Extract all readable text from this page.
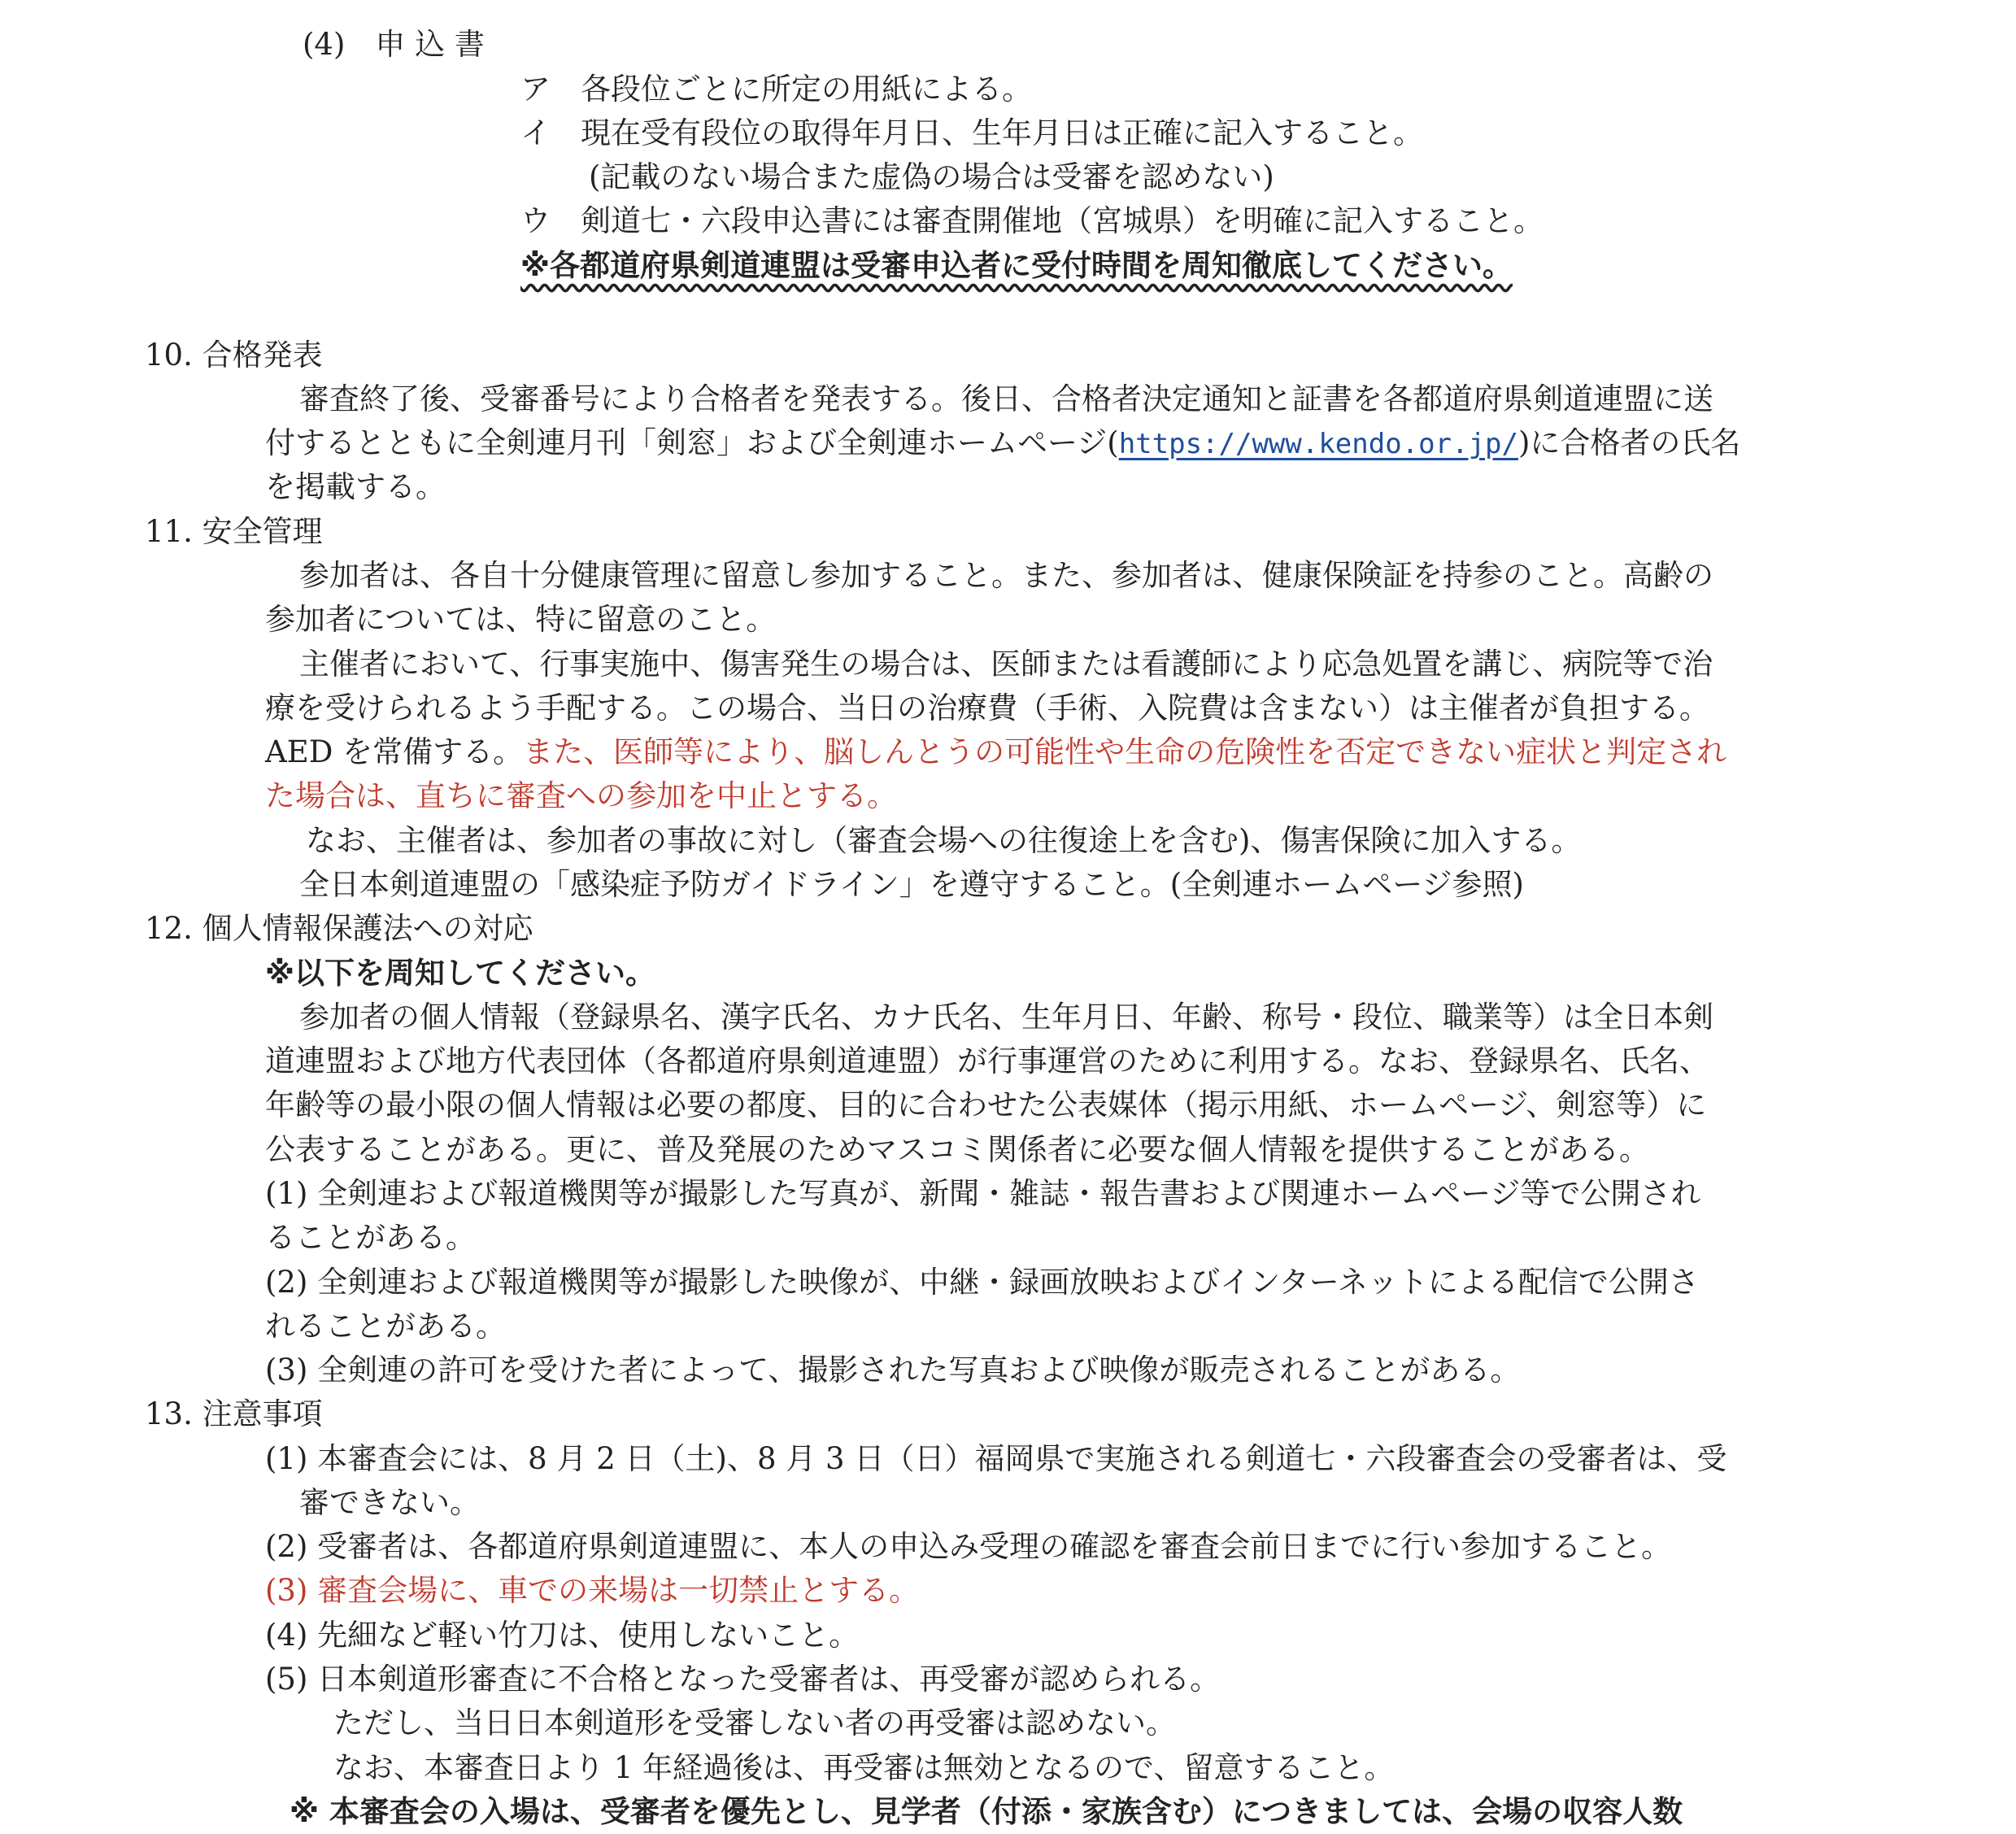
(4)　申 込 書
ア　各段位ごとに所定の用紙による。
イ　現在受有段位の取得年月日、生年月日は正確に記入すること。
(記載のない場合また虚偽の場合は受審を認めない)
ウ　剣道七・六段申込書には審査開催地（宮城県）を明確に記入すること。
※各都道府県剣道連盟は受審申込者に受付時間を周知徹底してください。
10. 合格発表
審査終了後、受審番号により合格者を発表する。後日、合格者決定通知と証書を各都道府県剣道連盟に送
付するとともに全剣連月刊「剣窓」および全剣連ホームページ(https://www.kendo.or.jp/)に合格者の氏名
を掲載する。
11. 安全管理
参加者は、各自十分健康管理に留意し参加すること。また、参加者は、健康保険証を持参のこと。高齢の
参加者については、特に留意のこと。
主催者において、行事実施中、傷害発生の場合は、医師または看護師により応急処置を講じ、病院等で治
療を受けられるよう手配する。この場合、当日の治療費（手術、入院費は含まない）は主催者が負担する。
AED を常備する。また、医師等により、脳しんとうの可能性や生命の危険性を否定できない症状と判定され
た場合は、直ちに審査への参加を中止とする。
なお、主催者は、参加者の事故に対し（審査会場への往復途上を含む)、傷害保険に加入する。
全日本剣道連盟の「感染症予防ガイドライン」を遵守すること。(全剣連ホームページ参照)
12. 個人情報保護法への対応
※以下を周知してください。
参加者の個人情報（登録県名、漢字氏名、カナ氏名、生年月日、年齢、称号・段位、職業等）は全日本剣
道連盟および地方代表団体（各都道府県剣道連盟）が行事運営のために利用する。なお、登録県名、氏名、
年齢等の最小限の個人情報は必要の都度、目的に合わせた公表媒体（掲示用紙、ホームページ、剣窓等）に
公表することがある。更に、普及発展のためマスコミ関係者に必要な個人情報を提供することがある。
(1) 全剣連および報道機関等が撮影した写真が、新聞・雑誌・報告書および関連ホームページ等で公開され
ることがある。
(2) 全剣連および報道機関等が撮影した映像が、中継・録画放映およびインターネットによる配信で公開さ
れることがある。
(3) 全剣連の許可を受けた者によって、撮影された写真および映像が販売されることがある。
13. 注意事項
(1) 本審査会には、8 月 2 日（土)、8 月 3 日（日）福岡県で実施される剣道七・六段審査会の受審者は、受
審できない。
(2) 受審者は、各都道府県剣道連盟に、本人の申込み受理の確認を審査会前日までに行い参加すること。
(3) 審査会場に、車での来場は一切禁止とする。
(4) 先細など軽い竹刀は、使用しないこと。
(5) 日本剣道形審査に不合格となった受審者は、再受審が認められる。
ただし、当日日本剣道形を受審しない者の再受審は認めない。
なお、本審査日より 1 年経過後は、再受審は無効となるので、留意すること。
※ 本審査会の入場は、受審者を優先とし、見学者（付添・家族含む）につきましては、会場の収容人数
